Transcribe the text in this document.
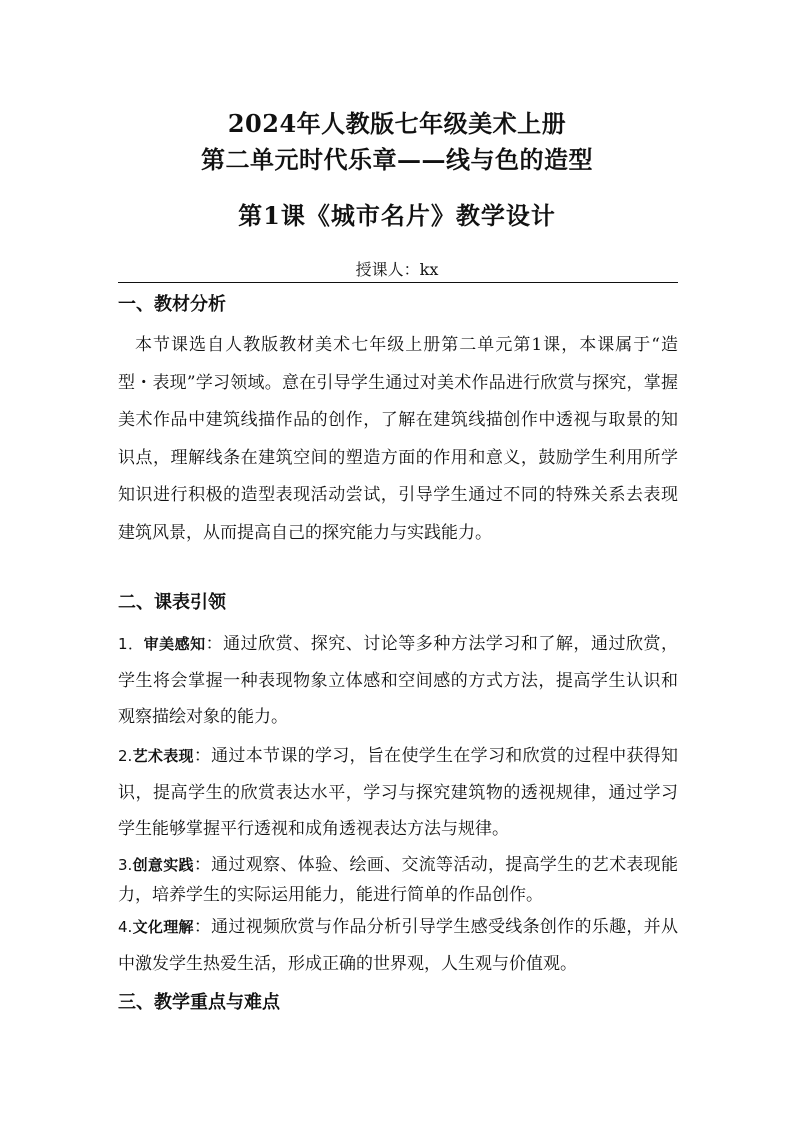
2024年人教版七年级美术上册
第二单元时代乐章——线与色的造型
第1课《城市名片》教学设计
授课人：kx
一、教材分析
本节课选自人教版教材美术七年级上册第二单元第1课，本课属于“造型・表现”学习领域。意在引导学生通过对美术作品进行欣赏与探究，掌握美术作品中建筑线描作品的创作，了解在建筑线描创作中透视与取景的知识点，理解线条在建筑空间的塑造方面的作用和意义，鼓励学生利用所学知识进行积极的造型表现活动尝试，引导学生通过不同的特殊关系去表现建筑风景，从而提高自己的探究能力与实践能力。
二、课表引领
1．审美感知：通过欣赏、探究、讨论等多种方法学习和了解，通过欣赏，学生将会掌握一种表现物象立体感和空间感的方式方法，提高学生认识和观察描绘对象的能力。
2.艺术表现：通过本节课的学习，旨在使学生在学习和欣赏的过程中获得知识，提高学生的欣赏表达水平，学习与探究建筑物的透视规律，通过学习学生能够掌握平行透视和成角透视表达方法与规律。
3.创意实践：通过观察、体验、绘画、交流等活动，提高学生的艺术表现能力，培养学生的实际运用能力，能进行简单的作品创作。
4.文化理解：通过视频欣赏与作品分析引导学生感受线条创作的乐趣，并从中激发学生热爱生活，形成正确的世界观，人生观与价值观。
三、教学重点与难点
